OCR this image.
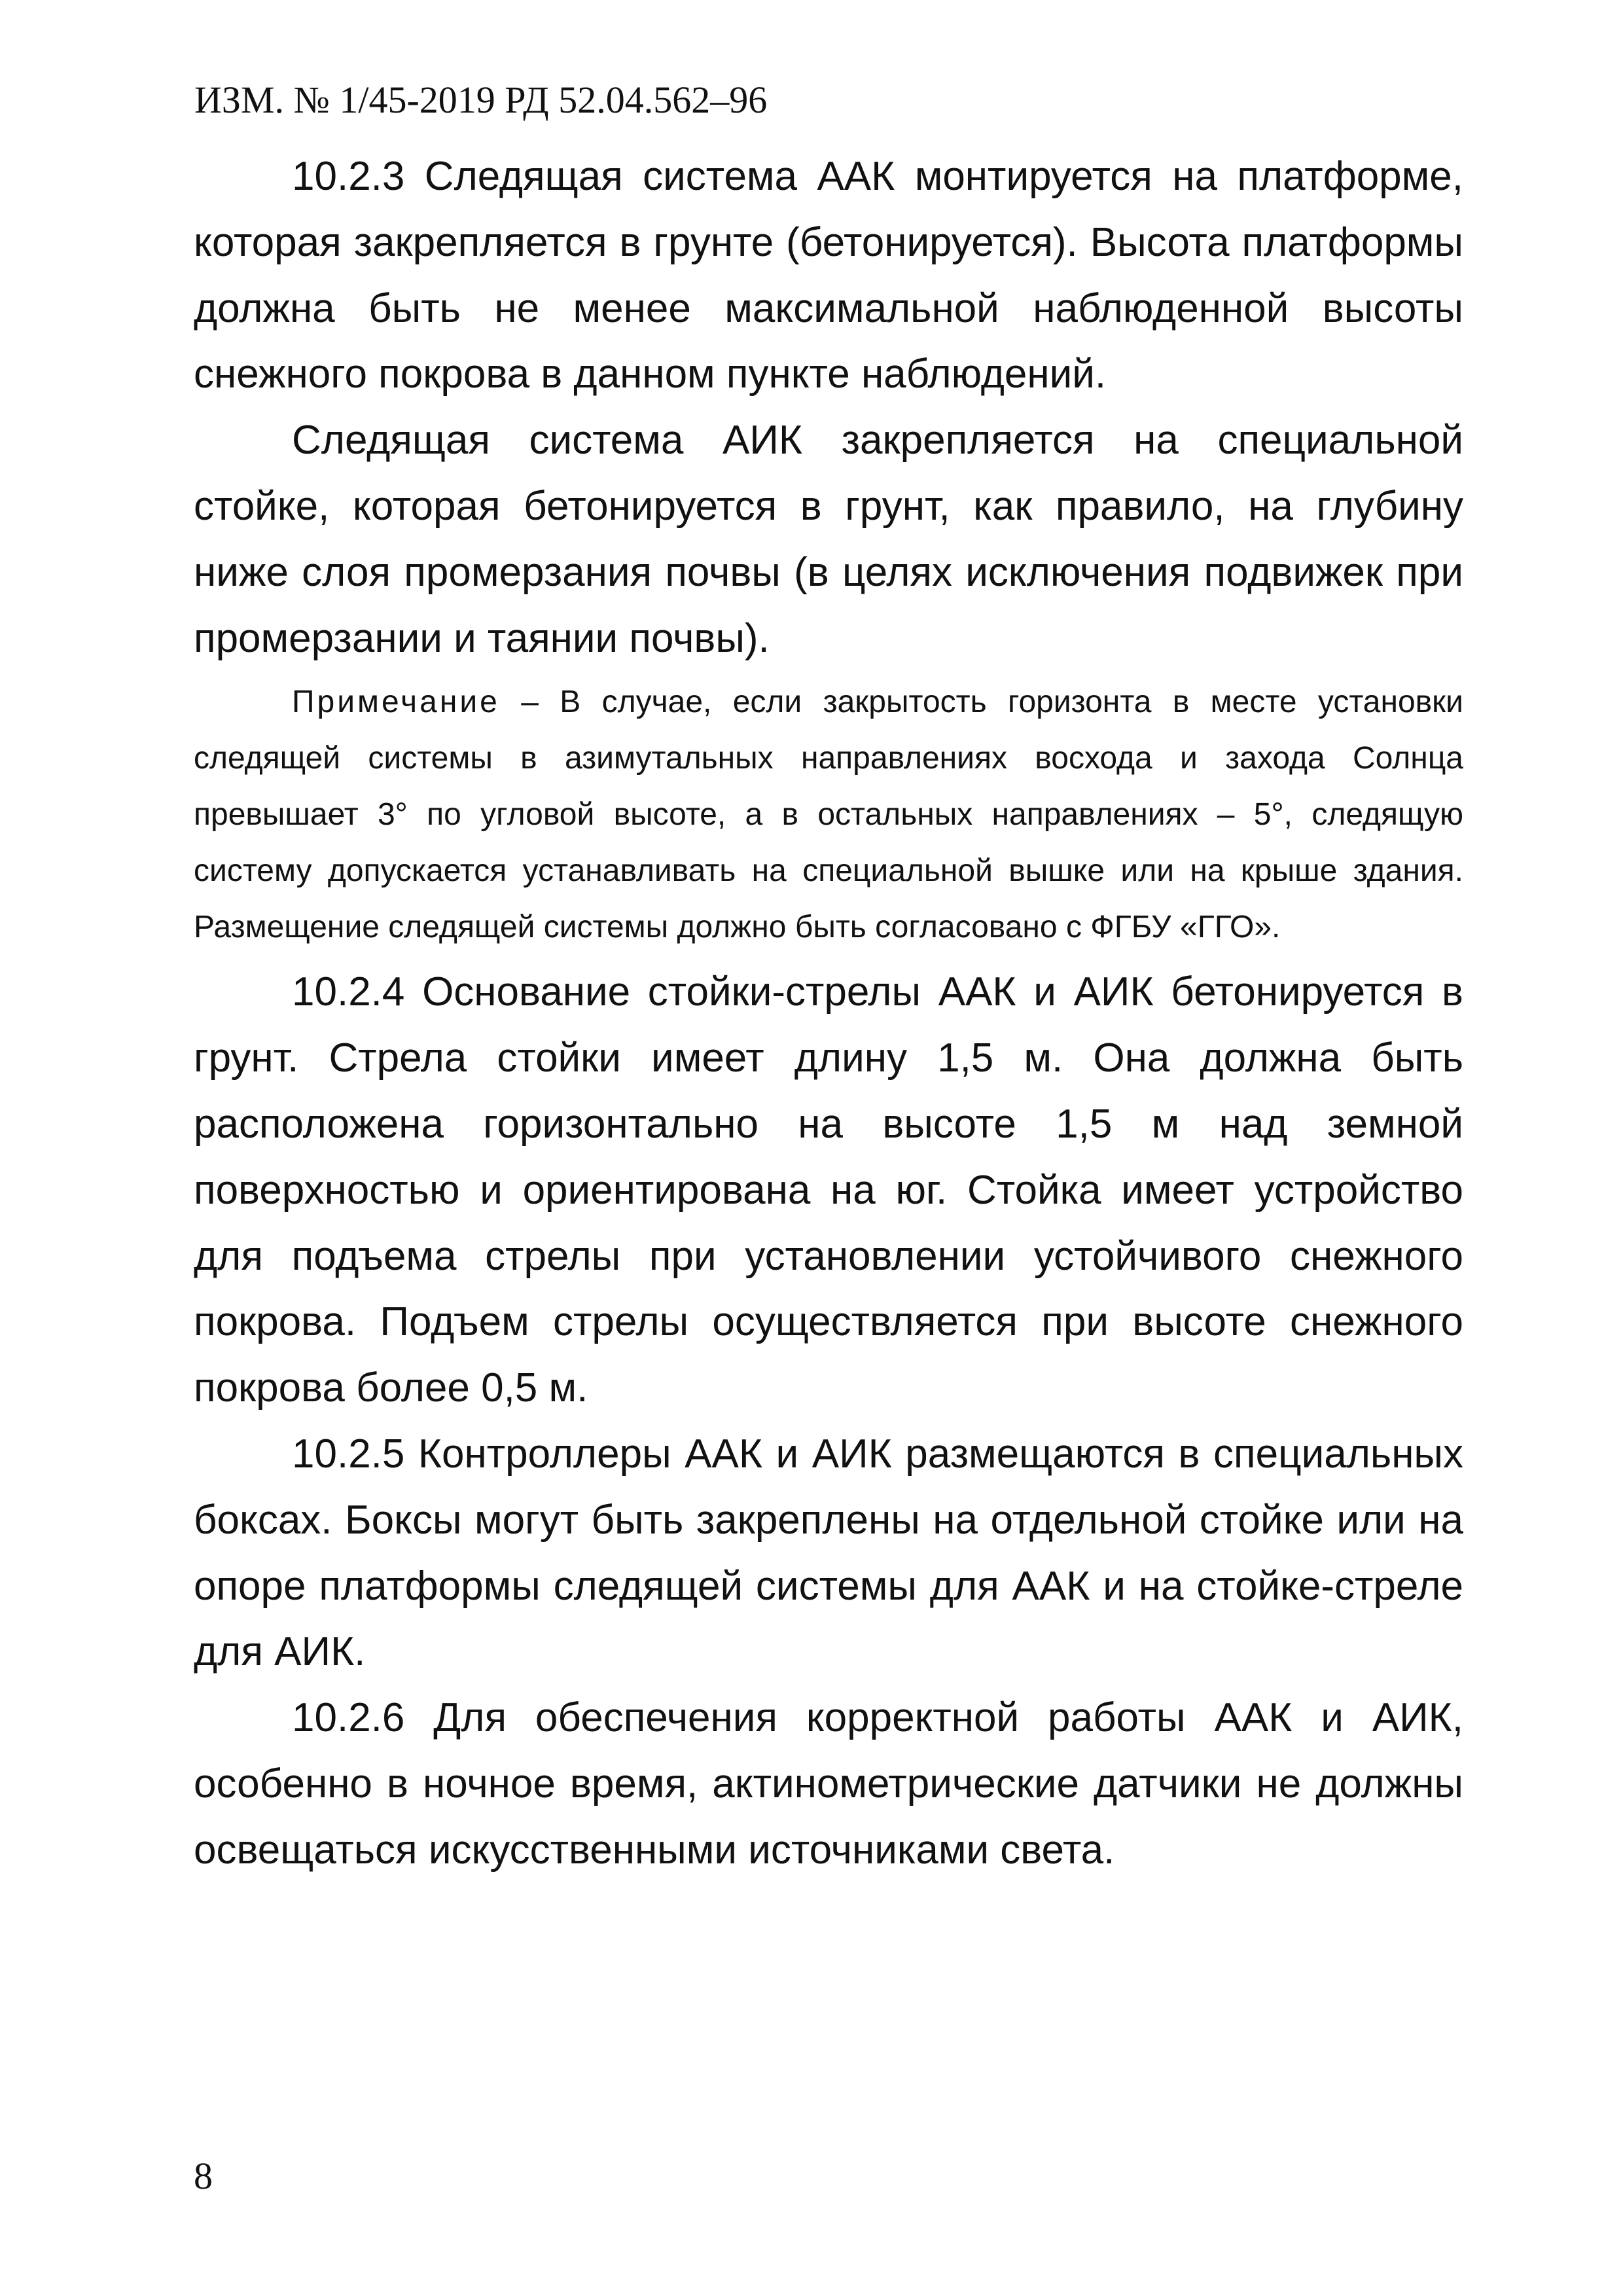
ИЗМ. № 1/45-2019 РД 52.04.562–96

10.2.3 Следящая система ААК монтируется на платформе, которая закрепляется в грунте (бетонируется). Высота платформы должна быть не менее максимальной наблюденной высоты снежного покрова в данном пункте наблюдений.

Следящая система АИК закрепляется на специальной стойке, которая бетонируется в грунт, как правило, на глубину ниже слоя промерзания почвы (в целях исключения подвижек при промерзании и таянии почвы).

Примечание – В случае, если закрытость горизонта в месте установки следящей системы в азимутальных направлениях восхода и захода Солнца превышает 3° по угловой высоте, а в остальных направлениях – 5°, следящую систему допускается устанавливать на специальной вышке или на крыше здания. Размещение следящей системы должно быть согласовано с ФГБУ «ГГО».

10.2.4 Основание стойки-стрелы ААК и АИК бетонируется в грунт. Стрела стойки имеет длину 1,5 м. Она должна быть расположена горизонтально на высоте 1,5 м над земной поверхностью и ориентирована на юг. Стойка имеет устройство для подъема стрелы при установлении устойчивого снежного покрова. Подъем стрелы осуществляется при высоте снежного покрова более 0,5 м.

10.2.5 Контроллеры ААК и АИК размещаются в специальных боксах. Боксы могут быть закреплены на отдельной стойке или на опоре платформы следящей системы для ААК и на стойке-стреле для АИК.

10.2.6 Для обеспечения корректной работы ААК и АИК, особенно в ночное время, актинометрические датчики не должны освещаться искусственными источниками света.

8
